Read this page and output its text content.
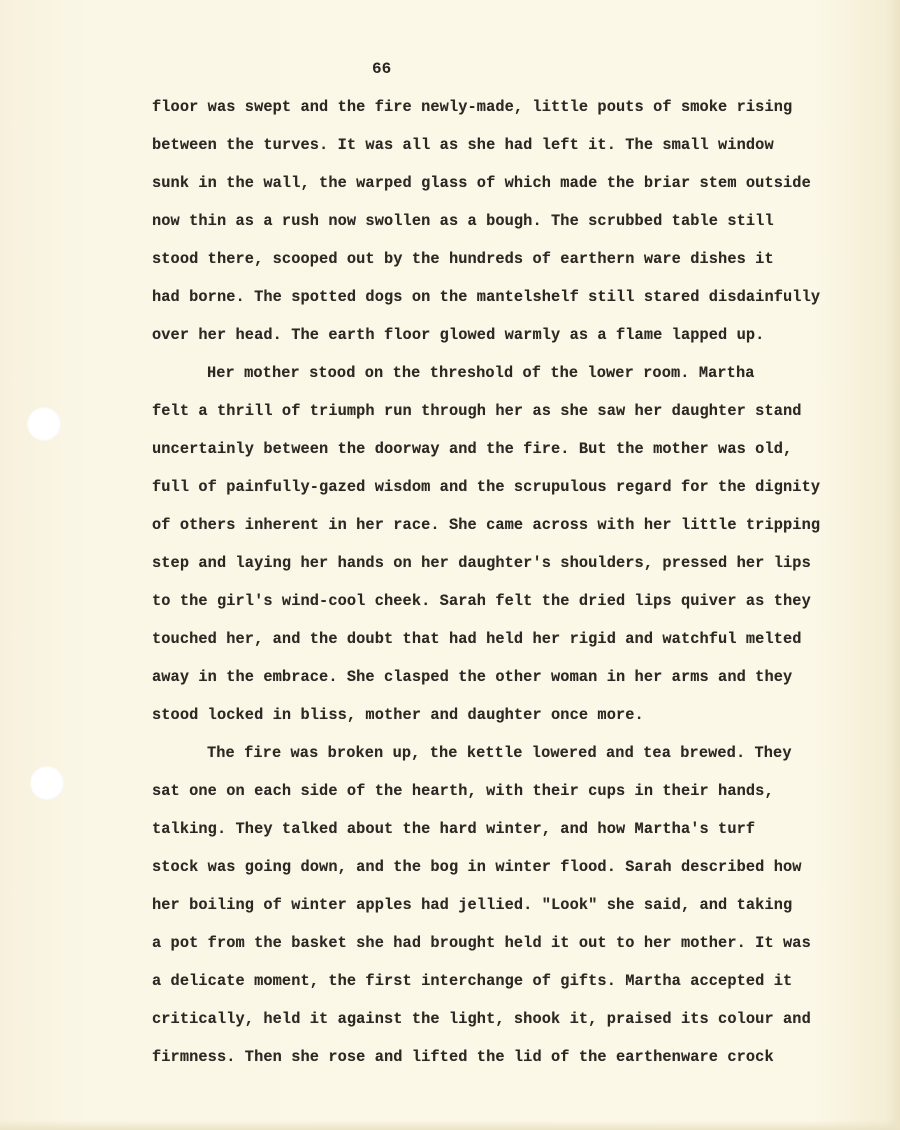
66
floor was swept and the fire newly-made, little pouts of smoke rising
between the turves. It was all as she had left it. The small window
sunk in the wall, the warped glass of which made the briar stem outside
now thin as a rush now swollen as a bough. The scrubbed table still
stood there, scooped out by the hundreds of earthern ware dishes it
had borne. The spotted dogs on the mantelshelf still stared disdainfully
over her head. The earth floor glowed warmly as a flame lapped up.
Her mother stood on the threshold of the lower room. Martha
felt a thrill of triumph run through her as she saw her daughter stand
uncertainly between the doorway and the fire. But the mother was old,
full of painfully-gazed wisdom and the scrupulous regard for the dignity
of others inherent in her race. She came across with her little tripping
step and laying her hands on her daughter's shoulders, pressed her lips
to the girl's wind-cool cheek. Sarah felt the dried lips quiver as they
touched her, and the doubt that had held her rigid and watchful melted
away in the embrace. She clasped the other woman in her arms and they
stood locked in bliss, mother and daughter once more.
The fire was broken up, the kettle lowered and tea brewed. They
sat one on each side of the hearth, with their cups in their hands,
talking. They talked about the hard winter, and how Martha's turf
stock was going down, and the bog in winter flood. Sarah described how
her boiling of winter apples had jellied. "Look" she said, and taking
a pot from the basket she had brought held it out to her mother. It was
a delicate moment, the first interchange of gifts. Martha accepted it
critically, held it against the light, shook it, praised its colour and
firmness. Then she rose and lifted the lid of the earthenware crock
